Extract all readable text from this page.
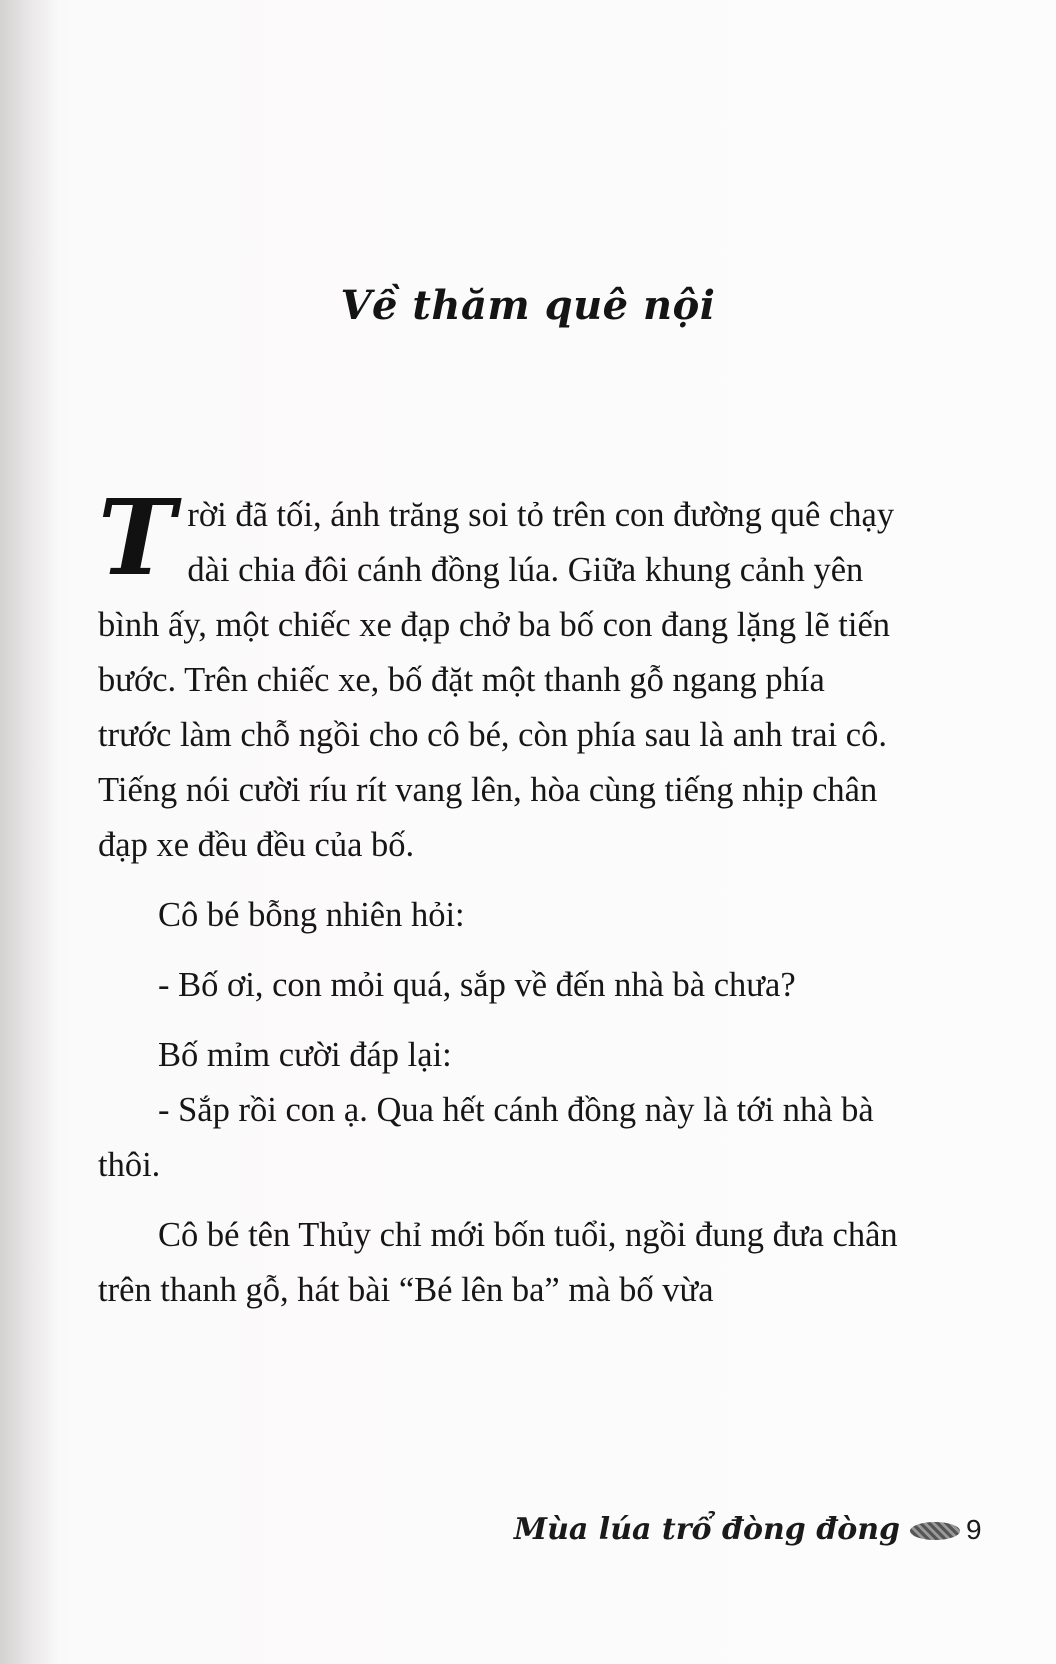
Về thăm quê nội

Trời đã tối, ánh trăng soi tỏ trên con đường quê chạy dài chia đôi cánh đồng lúa. Giữa khung cảnh yên bình ấy, một chiếc xe đạp chở ba bố con đang lặng lẽ tiến bước. Trên chiếc xe, bố đặt một thanh gỗ ngang phía trước làm chỗ ngồi cho cô bé, còn phía sau là anh trai cô. Tiếng nói cười ríu rít vang lên, hòa cùng tiếng nhịp chân đạp xe đều đều của bố.

Cô bé bỗng nhiên hỏi:

- Bố ơi, con mỏi quá, sắp về đến nhà bà chưa?

Bố mỉm cười đáp lại:

- Sắp rồi con ạ. Qua hết cánh đồng này là tới nhà bà thôi.

Cô bé tên Thủy chỉ mới bốn tuổi, ngồi đung đưa chân trên thanh gỗ, hát bài “Bé lên ba” mà bố vừa

Mùa lúa trổ đòng đòng 9
